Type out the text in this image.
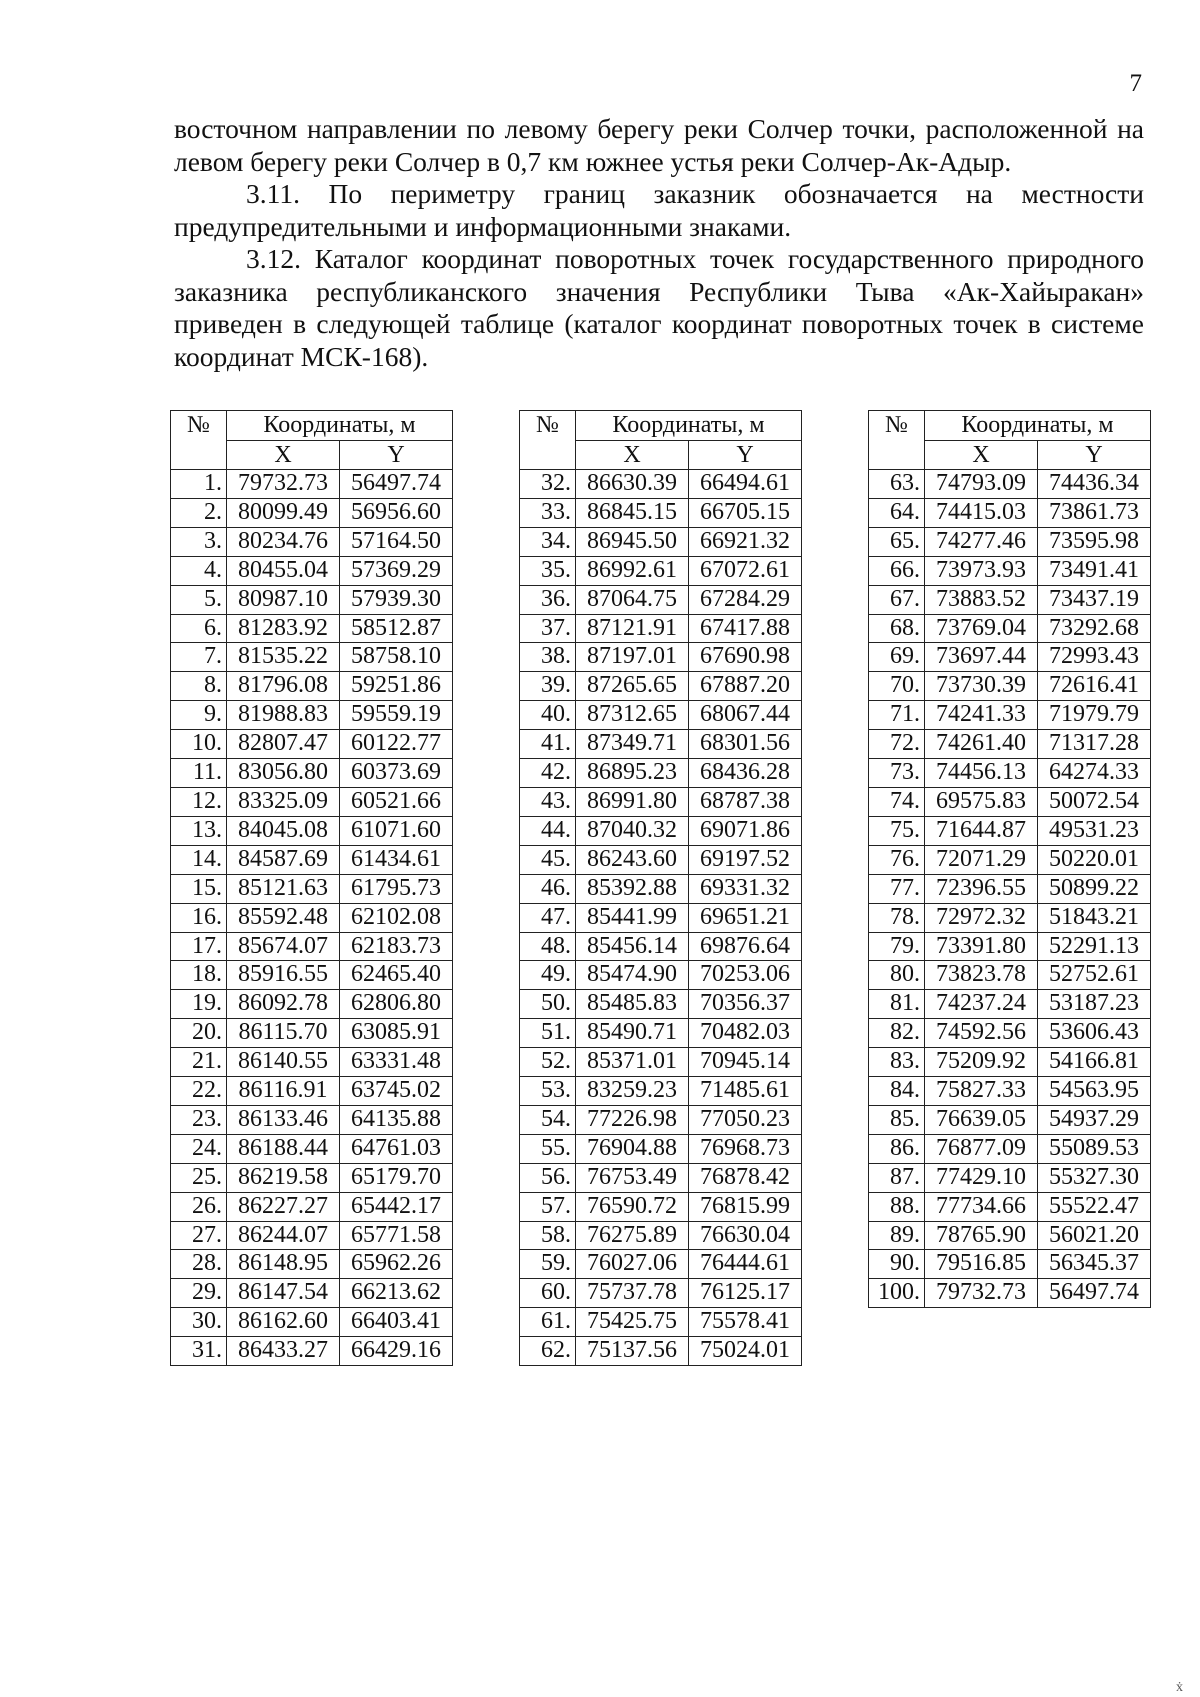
7

восточном направлении по левому берегу реки Солчер точки, расположенной на левом берегу реки Солчер в 0,7 км южнее устья реки Солчер-Ак-Адыр.

3.11. По периметру границ заказник обозначается на местности предупредительными и информационными знаками.

3.12. Каталог координат поворотных точек государственного природного заказника республиканского значения Республики Тыва «Ак-Хайыракан» приведен в следующей таблице (каталог координат поворотных точек в системе координат МСК-168).

№	Координаты, м	
	X	Y
1.	79732.73	56497.74
2.	80099.49	56956.60
3.	80234.76	57164.50
4.	80455.04	57369.29
5.	80987.10	57939.30
6.	81283.92	58512.87
7.	81535.22	58758.10
8.	81796.08	59251.86
9.	81988.83	59559.19
10.	82807.47	60122.77
11.	83056.80	60373.69
12.	83325.09	60521.66
13.	84045.08	61071.60
14.	84587.69	61434.61
15.	85121.63	61795.73
16.	85592.48	62102.08
17.	85674.07	62183.73
18.	85916.55	62465.40
19.	86092.78	62806.80
20.	86115.70	63085.91
21.	86140.55	63331.48
22.	86116.91	63745.02
23.	86133.46	64135.88
24.	86188.44	64761.03
25.	86219.58	65179.70
26.	86227.27	65442.17
27.	86244.07	65771.58
28.	86148.95	65962.26
29.	86147.54	66213.62
30.	86162.60	66403.41
31.	86433.27	66429.16
№	Координаты, м	
	X	Y
32.	86630.39	66494.61
33.	86845.15	66705.15
34.	86945.50	66921.32
35.	86992.61	67072.61
36.	87064.75	67284.29
37.	87121.91	67417.88
38.	87197.01	67690.98
39.	87265.65	67887.20
40.	87312.65	68067.44
41.	87349.71	68301.56
42.	86895.23	68436.28
43.	86991.80	68787.38
44.	87040.32	69071.86
45.	86243.60	69197.52
46.	85392.88	69331.32
47.	85441.99	69651.21
48.	85456.14	69876.64
49.	85474.90	70253.06
50.	85485.83	70356.37
51.	85490.71	70482.03
52.	85371.01	70945.14
53.	83259.23	71485.61
54.	77226.98	77050.23
55.	76904.88	76968.73
56.	76753.49	76878.42
57.	76590.72	76815.99
58.	76275.89	76630.04
59.	76027.06	76444.61
60.	75737.78	76125.17
61.	75425.75	75578.41
62.	75137.56	75024.01
№	Координаты, м	
	X	Y
63.	74793.09	74436.34
64.	74415.03	73861.73
65.	74277.46	73595.98
66.	73973.93	73491.41
67.	73883.52	73437.19
68.	73769.04	73292.68
69.	73697.44	72993.43
70.	73730.39	72616.41
71.	74241.33	71979.79
72.	74261.40	71317.28
73.	74456.13	64274.33
74.	69575.83	50072.54
75.	71644.87	49531.23
76.	72071.29	50220.01
77.	72396.55	50899.22
78.	72972.32	51843.21
79.	73391.80	52291.13
80.	73823.78	52752.61
81.	74237.24	53187.23
82.	74592.56	53606.43
83.	75209.92	54166.81
84.	75827.33	54563.95
85.	76639.05	54937.29
86.	76877.09	55089.53
87.	77429.10	55327.30
88.	77734.66	55522.47
89.	78765.90	56021.20
90.	79516.85	56345.37
100.	79732.73	56497.74
ẋ
